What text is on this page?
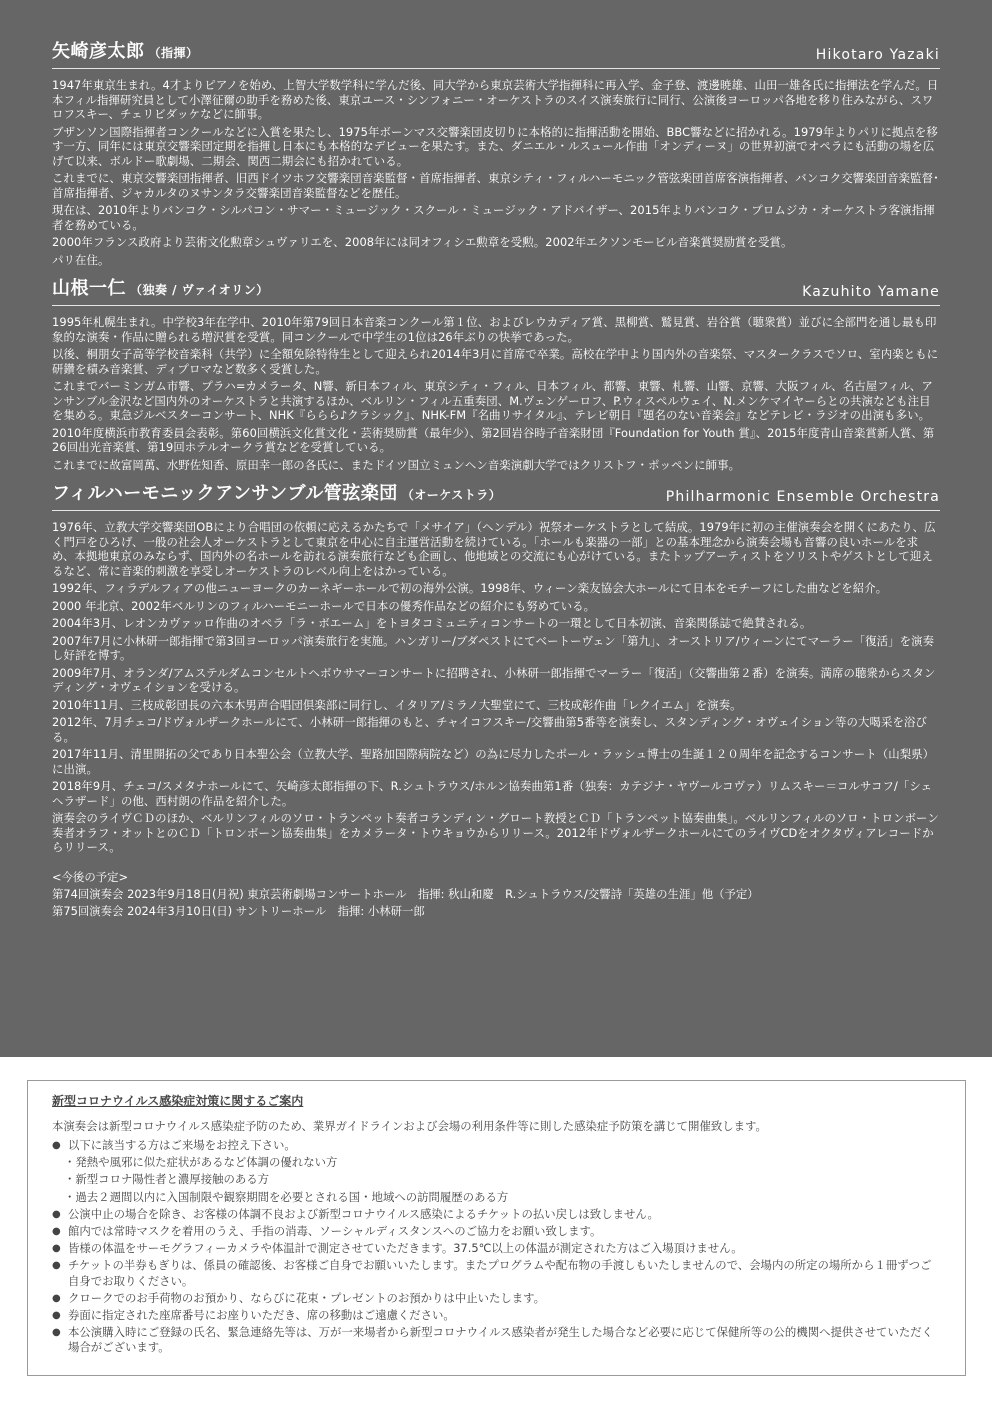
矢崎彦太郎 （指揮）	Hikotaro Yazaki

1947年東京生まれ。4才よりピアノを始め、上智大学数学科に学んだ後、同大学から東京芸術大学指揮科に再入学、金子登、渡邊暁雄、山田一雄各氏に指揮法を学んだ。日本フィル指揮研究員として小澤征爾の助手を務めた後、東京ユース・シンフォニー・オーケストラのスイス演奏旅行に同行、公演後ヨーロッパ各地を移り住みながら、スワロフスキー、チェリビダッケなどに師事。

ブザンソン国際指揮者コンクールなどに入賞を果たし、1975年ボーンマス交響楽団皮切りに本格的に指揮活動を開始、BBC響などに招かれる。1979年よりパリに拠点を移す一方、同年には東京交響楽団定期を指揮し日本にも本格的なデビューを果たす。また、ダニエル・ルスュール作曲「オンディーヌ」の世界初演でオペラにも活動の場を広げて以来、ボルドー歌劇場、二期会、関西二期会にも招かれている。

これまでに、東京交響楽団指揮者、旧西ドイツホフ交響楽団音楽監督・首席指揮者、東京シティ・フィルハーモニック管弦楽団首席客演指揮者、バンコク交響楽団音楽監督･首席指揮者、ジャカルタのヌサンタラ交響楽団音楽監督などを歴任。

現在は、2010年よりバンコク・シルパコン・サマー・ミュージック・スクール・ミュージック・アドバイザー、2015年よりバンコク・プロムジカ・オーケストラ客演指揮者を務めている。

2000年フランス政府より芸術文化勲章シュヴァリエを、2008年には同オフィシエ勲章を受勲。2002年エクソンモービル音楽賞奨励賞を受賞。

パリ在住。

山根一仁 （独奏 / ヴァイオリン）	Kazuhito Yamane

1995年札幌生まれ。中学校3年在学中、2010年第79回日本音楽コンクール第１位、およびレウカディア賞、黒柳賞、鷲見賞、岩谷賞（聴衆賞）並びに全部門を通し最も印象的な演奏・作品に贈られる増沢賞を受賞。同コンクールで中学生の1位は26年ぶりの快挙であった。

以後、桐朋女子高等学校音楽科（共学）に全額免除特待生として迎えられ2014年3月に首席で卒業。高校在学中より国内外の音楽祭、マスタークラスでソロ、室内楽ともに研鑽を積み音楽賞、ディプロマなど数多く受賞した。

これまでバーミンガム市響、プラハ=カメラータ、N響、新日本フィル、東京シティ・フィル、日本フィル、都響、東響、札響、山響、京響、大阪フィル、名古屋フィル、アンサンブル金沢など国内外のオーケストラと共演するほか、ベルリン・フィル五重奏団、M.ヴェンゲーロフ、P.ウィスペルウェイ、N.メンケマイヤーらとの共演なども注目を集める。東急ジルベスターコンサート、NHK『ららら♪クラシック』、NHK-FM『名曲リサイタル』、テレビ朝日『題名のない音楽会』などテレビ・ラジオの出演も多い。

2010年度横浜市教育委員会表彰。第60回横浜文化賞文化・芸術奨励賞（最年少）、第2回岩谷時子音楽財団『Foundation for Youth 賞』、2015年度青山音楽賞新人賞、第26回出光音楽賞、第19回ホテルオークラ賞などを受賞している。

これまでに故富岡萬、水野佐知香、原田幸一郎の各氏に、またドイツ国立ミュンヘン音楽演劇大学ではクリストフ・ポッペンに師事。

フィルハーモニックアンサンブル管弦楽団 （オーケストラ）	Philharmonic Ensemble Orchestra

1976年、立教大学交響楽団OBにより合唱団の依頼に応えるかたちで「メサイア」（ヘンデル）祝祭オーケストラとして結成。1979年に初の主催演奏会を開くにあたり、広く門戸をひろげ、一般の社会人オーケストラとして東京を中心に自主運営活動を続けている。「ホールも楽器の一部」との基本理念から演奏会場も音響の良いホールを求め、本拠地東京のみならず、国内外の名ホールを訪れる演奏旅行なども企画し、他地域との交流にも心がけている。またトップアーティストをソリストやゲストとして迎えるなど、常に音楽的刺激を享受しオーケストラのレベル向上をはかっている。

1992年、フィラデルフィアの他ニューヨークのカーネギーホールで初の海外公演。1998年、ウィーン楽友協会大ホールにて日本をモチーフにした曲などを紹介。

2000 年北京、2002年ベルリンのフィルハーモニーホールで日本の優秀作品などの紹介にも努めている。

2004年3月、レオンカヴァッロ作曲のオペラ「ラ・ボエーム」をトヨタコミュニティコンサートの一環として日本初演、音楽関係誌で絶賛される。

2007年7月に小林研一郎指揮で第3回ヨーロッパ演奏旅行を実施。ハンガリー/ブダペストにてベートーヴェン「第九」、オーストリア/ウィーンにてマーラー「復活」を演奏し好評を博す。

2009年7月、オランダ/アムステルダムコンセルトヘボウサマーコンサートに招聘され、小林研一郎指揮でマーラー「復活」（交響曲第２番）を演奏。満席の聴衆からスタンディング・オヴェイションを受ける。

2010年11月、三枝成彰団長の六本木男声合唱団倶楽部に同行し、イタリア/ミラノ大聖堂にて、三枝成彰作曲「レクイエム」を演奏。

2012年、7月チェコ/ドヴォルザークホールにて、小林研一郎指揮のもと、チャイコフスキー/交響曲第5番等を演奏し、スタンディング・オヴェイション等の大喝采を浴びる。

2017年11月、清里開拓の父であり日本聖公会（立教大学、聖路加国際病院など）の為に尽力したポール・ラッシュ博士の生誕１２０周年を記念するコンサート（山梨県）に出演。

2018年9月、チェコ/スメタナホールにて、矢崎彦太郎指揮の下、R.シュトラウス/ホルン協奏曲第1番（独奏：カテジナ・ヤヴールコヴァ）リムスキー＝コルサコフ/「シェヘラザード」の他、西村朗の作品を紹介した。

演奏会のライヴＣＤのほか、ベルリンフィルのソロ・トランペット奏者コランディン・グロート教授とＣＤ「トランペット協奏曲集」。ベルリンフィルのソロ・トロンボーン奏者オラフ・オットとのＣＤ「トロンボーン協奏曲集」をカメラータ・トウキョウからリリース。2012年ドヴォルザークホールにてのライヴCDをオクタヴィアレコードからリリース。

<今後の予定>
第74回演奏会 2023年9月18日(月祝) 東京芸術劇場コンサートホール　指揮: 秋山和慶　R.シュトラウス/交響詩「英雄の生涯」他（予定）
第75回演奏会 2024年3月10日(日) サントリーホール　指揮: 小林研一郎

新型コロナウイルス感染症対策に関するご案内

本演奏会は新型コロナウイルス感染症予防のため、業界ガイドラインおよび会場の利用条件等に則した感染症予防策を講じて開催致します。

● 以下に該当する方はご来場をお控え下さい。

・発熱や風邪に似た症状があるなど体調の優れない方

・新型コロナ陽性者と濃厚接触のある方

・過去２週間以内に入国制限や観察期間を必要とされる国・地域への訪問履歴のある方

● 公演中止の場合を除き、お客様の体調不良および新型コロナウイルス感染によるチケットの払い戻しは致しません。

● 館内では常時マスクを着用のうえ、手指の消毒、ソーシャルディスタンスへのご協力をお願い致します。

● 皆様の体温をサーモグラフィーカメラや体温計で測定させていただきます。37.5℃以上の体温が測定された方はご入場頂けません。

● チケットの半券もぎりは、係員の確認後、お客様ご自身でお願いいたします。またプログラムや配布物の手渡しもいたしませんので、会場内の所定の場所から１冊ずつご自身でお取りください。

● クロークでのお手荷物のお預かり、ならびに花束・プレゼントのお預かりは中止いたします。

● 券面に指定された座席番号にお座りいただき、席の移動はご遠慮ください。

● 本公演購入時にご登録の氏名、緊急連絡先等は、万が一来場者から新型コロナウイルス感染者が発生した場合など必要に応じて保健所等の公的機関へ提供させていただく場合がございます。
